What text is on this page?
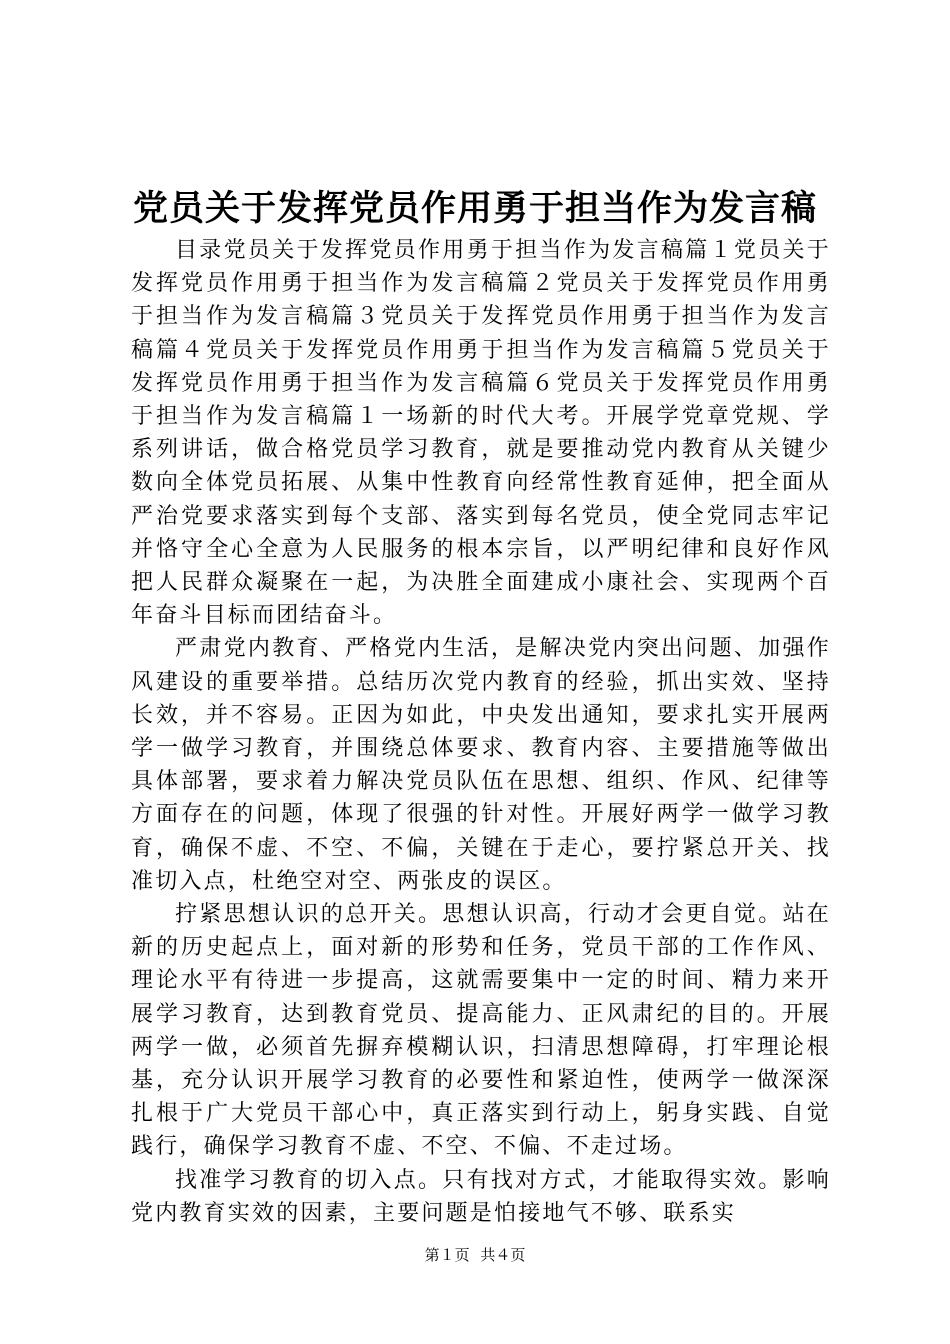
党员关于发挥党员作用勇于担当作为发言稿

目录党员关于发挥党员作用勇于担当作为发言稿篇１党员关于发挥党员作用勇于担当作为发言稿篇２党员关于发挥党员作用勇于担当作为发言稿篇３党员关于发挥党员作用勇于担当作为发言稿篇４党员关于发挥党员作用勇于担当作为发言稿篇５党员关于发挥党员作用勇于担当作为发言稿篇６党员关于发挥党员作用勇于担当作为发言稿篇１一场新的时代大考。开展学党章党规、学系列讲话，做合格党员学习教育，就是要推动党内教育从关键少数向全体党员拓展、从集中性教育向经常性教育延伸，把全面从严治党要求落实到每个支部、落实到每名党员，使全党同志牢记并恪守全心全意为人民服务的根本宗旨，以严明纪律和良好作风把人民群众凝聚在一起，为决胜全面建成小康社会、实现两个百年奋斗目标而团结奋斗。

严肃党内教育、严格党内生活，是解决党内突出问题、加强作风建设的重要举措。总结历次党内教育的经验，抓出实效、坚持长效，并不容易。正因为如此，中央发出通知，要求扎实开展两学一做学习教育，并围绕总体要求、教育内容、主要措施等做出具体部署，要求着力解决党员队伍在思想、组织、作风、纪律等方面存在的问题，体现了很强的针对性。开展好两学一做学习教育，确保不虚、不空、不偏，关键在于走心，要拧紧总开关、找准切入点，杜绝空对空、两张皮的误区。

拧紧思想认识的总开关。思想认识高，行动才会更自觉。站在新的历史起点上，面对新的形势和任务，党员干部的工作作风、理论水平有待进一步提高，这就需要集中一定的时间、精力来开展学习教育，达到教育党员、提高能力、正风肃纪的目的。开展两学一做，必须首先摒弃模糊认识，扫清思想障碍，打牢理论根基，充分认识开展学习教育的必要性和紧迫性，使两学一做深深扎根于广大党员干部心中，真正落实到行动上，躬身实践、自觉践行，确保学习教育不虚、不空、不偏、不走过场。

找准学习教育的切入点。只有找对方式，才能取得实效。影响党内教育实效的因素，主要问题是怕接地气不够、联系实

第１页 共４页
